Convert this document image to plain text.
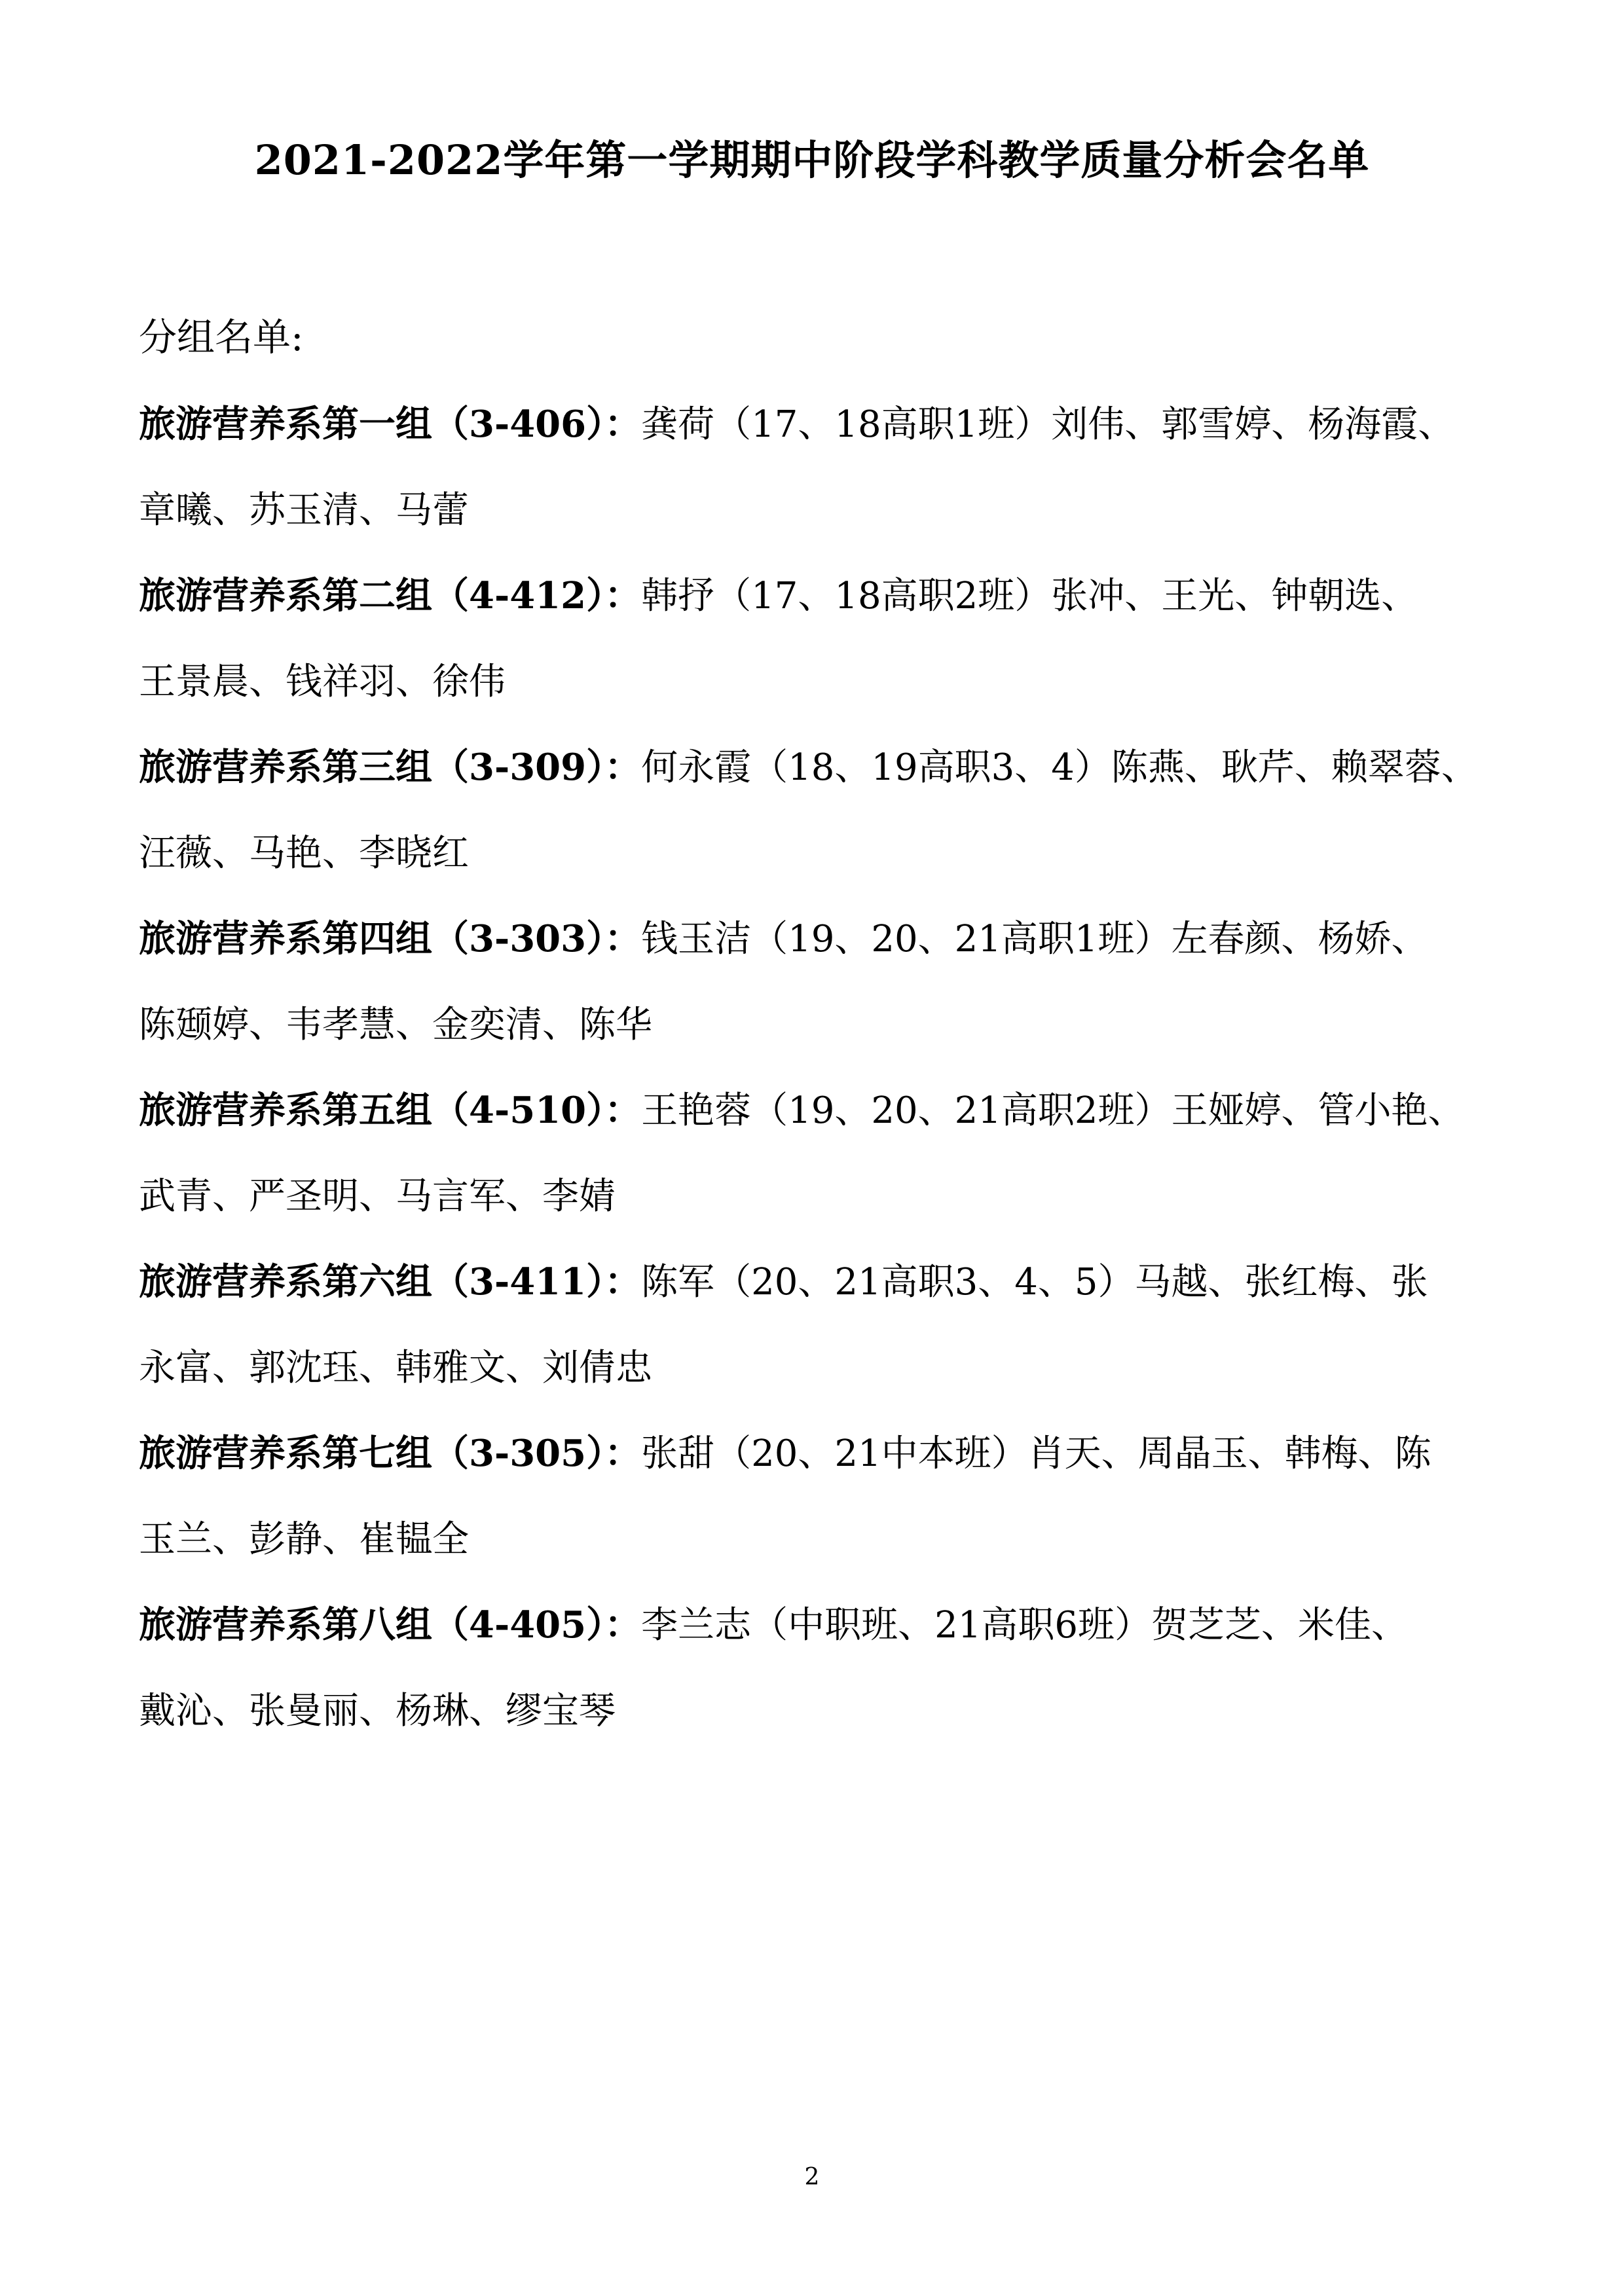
2021-2022学年第一学期期中阶段学科教学质量分析会名单
分组名单:

旅游营养系第一组（3-406）：龚荷（17、18高职1班）刘伟、郭雪婷、杨海霞、
章曦、苏玉清、马蕾

旅游营养系第二组（4-412）：韩抒（17、18高职2班）张冲、王光、钟朝选、
王景晨、钱祥羽、徐伟

旅游营养系第三组（3-309）：何永霞（18、19高职3、4）陈燕、耿芹、赖翠蓉、
汪薇、马艳、李晓红

旅游营养系第四组（3-303）：钱玉洁（19、20、21高职1班）左春颜、杨娇、
陈颋婷、韦孝慧、金奕清、陈华

旅游营养系第五组（4-510）：王艳蓉（19、20、21高职2班）王娅婷、管小艳、
武青、严圣明、马言军、李婧

旅游营养系第六组（3-411）：陈军（20、21高职3、4、5）马越、张红梅、张
永富、郭沈珏、韩雅文、刘倩忠

旅游营养系第七组（3-305）：张甜（20、21中本班）肖天、周晶玉、韩梅、陈
玉兰、彭静、崔韫全

旅游营养系第八组（4-405）：李兰志（中职班、21高职6班）贺芝芝、米佳、
戴沁、张曼丽、杨琳、缪宝琴

2
